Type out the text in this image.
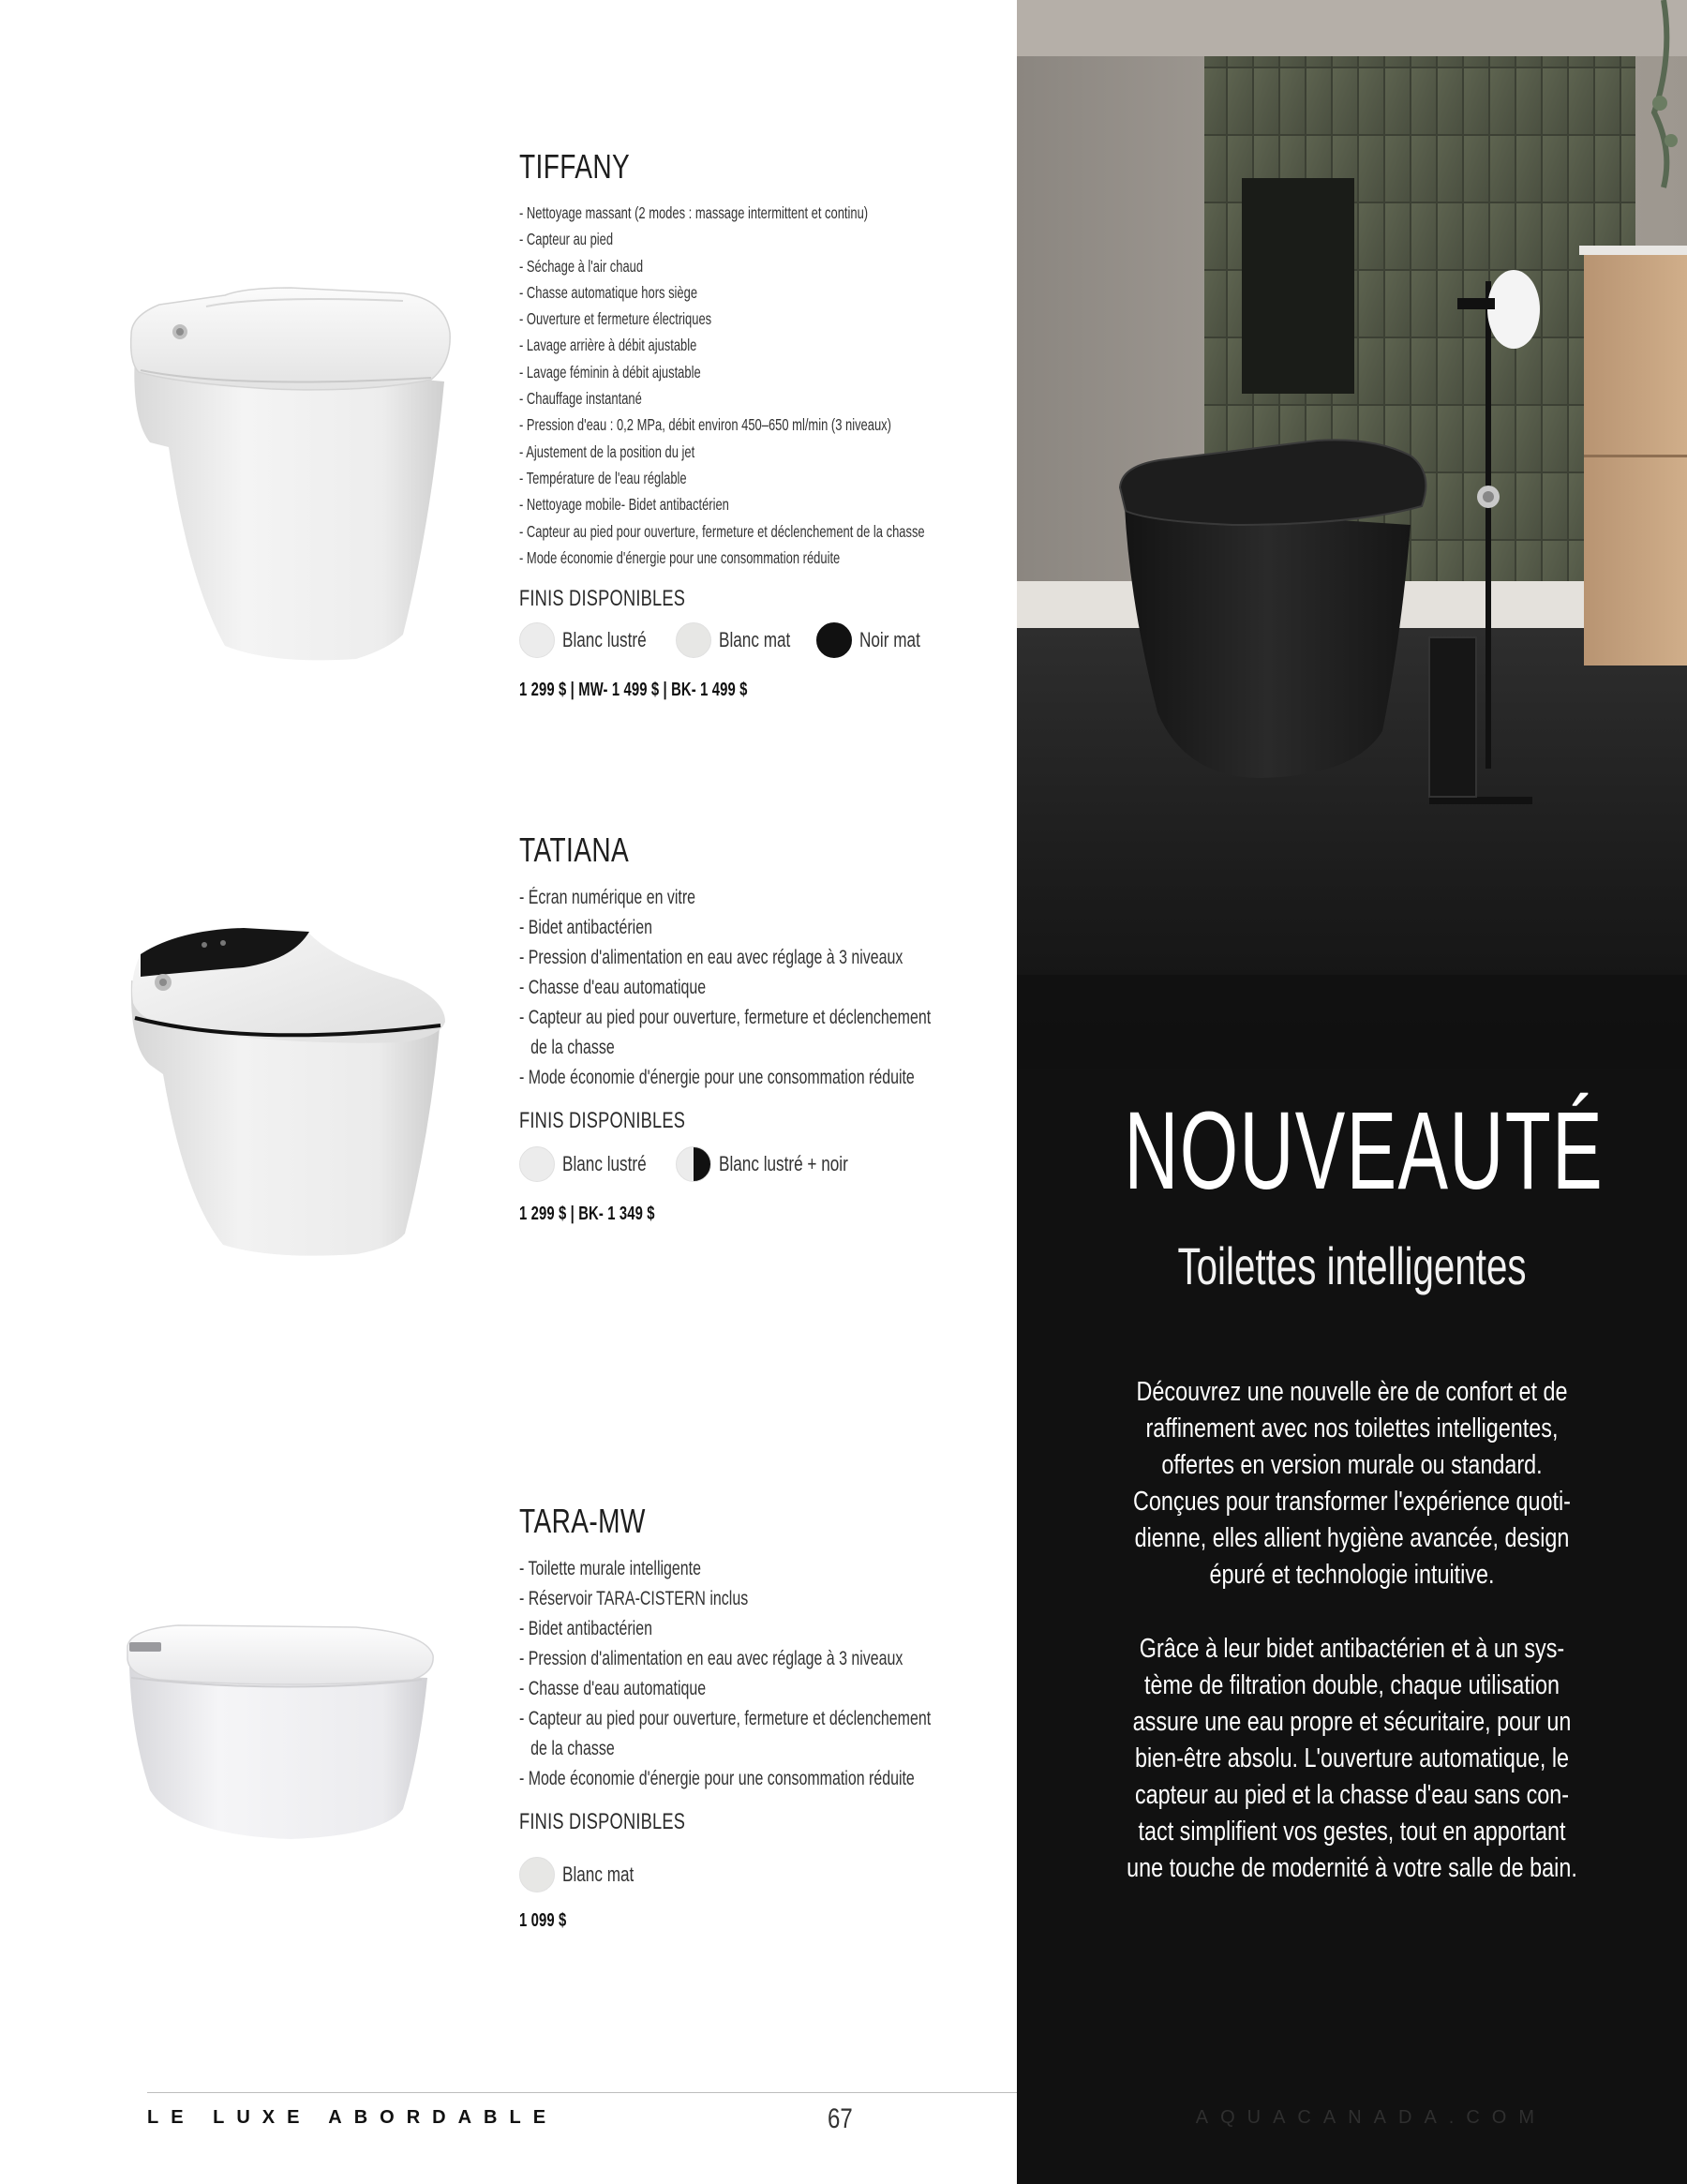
TIFFANY
- Nettoyage massant (2 modes : massage intermittent et continu)
- Capteur au pied
- Séchage à l'air chaud
- Chasse automatique hors siège
- Ouverture et fermeture électriques
- Lavage arrière à débit ajustable
- Lavage féminin à débit ajustable
- Chauffage instantané
- Pression d'eau : 0,2 MPa, débit environ 450–650 ml/min (3 niveaux)
- Ajustement de la position du jet
- Température de l'eau réglable
- Nettoyage mobile- Bidet antibactérien
- Capteur au pied pour ouverture, fermeture et déclenchement de la chasse
- Mode économie d'énergie pour une consommation réduite
FINIS DISPONIBLES
Blanc lustré	Blanc mat	Noir mat
1 299 $ | MW- 1 499 $ | BK- 1 499 $
TATIANA
- Écran numérique en vitre
- Bidet antibactérien
- Pression d'alimentation en eau avec réglage à 3 niveaux
- Chasse d'eau automatique
- Capteur au pied pour ouverture, fermeture et déclenchement
de la chasse
- Mode économie d'énergie pour une consommation réduite
FINIS DISPONIBLES
Blanc lustré	Blanc lustré + noir
1 299 $ | BK- 1 349 $
TARA-MW
- Toilette murale intelligente
- Réservoir TARA-CISTERN inclus
- Bidet antibactérien
- Pression d'alimentation en eau avec réglage à 3 niveaux
- Chasse d'eau automatique
- Capteur au pied pour ouverture, fermeture et déclenchement
de la chasse
- Mode économie d'énergie pour une consommation réduite
FINIS DISPONIBLES
Blanc mat
1 099 $
LE LUXE ABORDABLE	67
NOUVEAUTÉ
Toilettes intelligentes
Découvrez une nouvelle ère de confort et de
raffinement avec nos toilettes intelligentes,
offertes en version murale ou standard.
Conçues pour transformer l'expérience quoti-
dienne, elles allient hygiène avancée, design
épuré et technologie intuitive.
Grâce à leur bidet antibactérien et à un sys-
tème de filtration double, chaque utilisation
assure une eau propre et sécuritaire, pour un
bien-être absolu. L'ouverture automatique, le
capteur au pied et la chasse d'eau sans con-
tact simplifient vos gestes, tout en apportant
une touche de modernité à votre salle de bain.
AQUACANADA.COM
